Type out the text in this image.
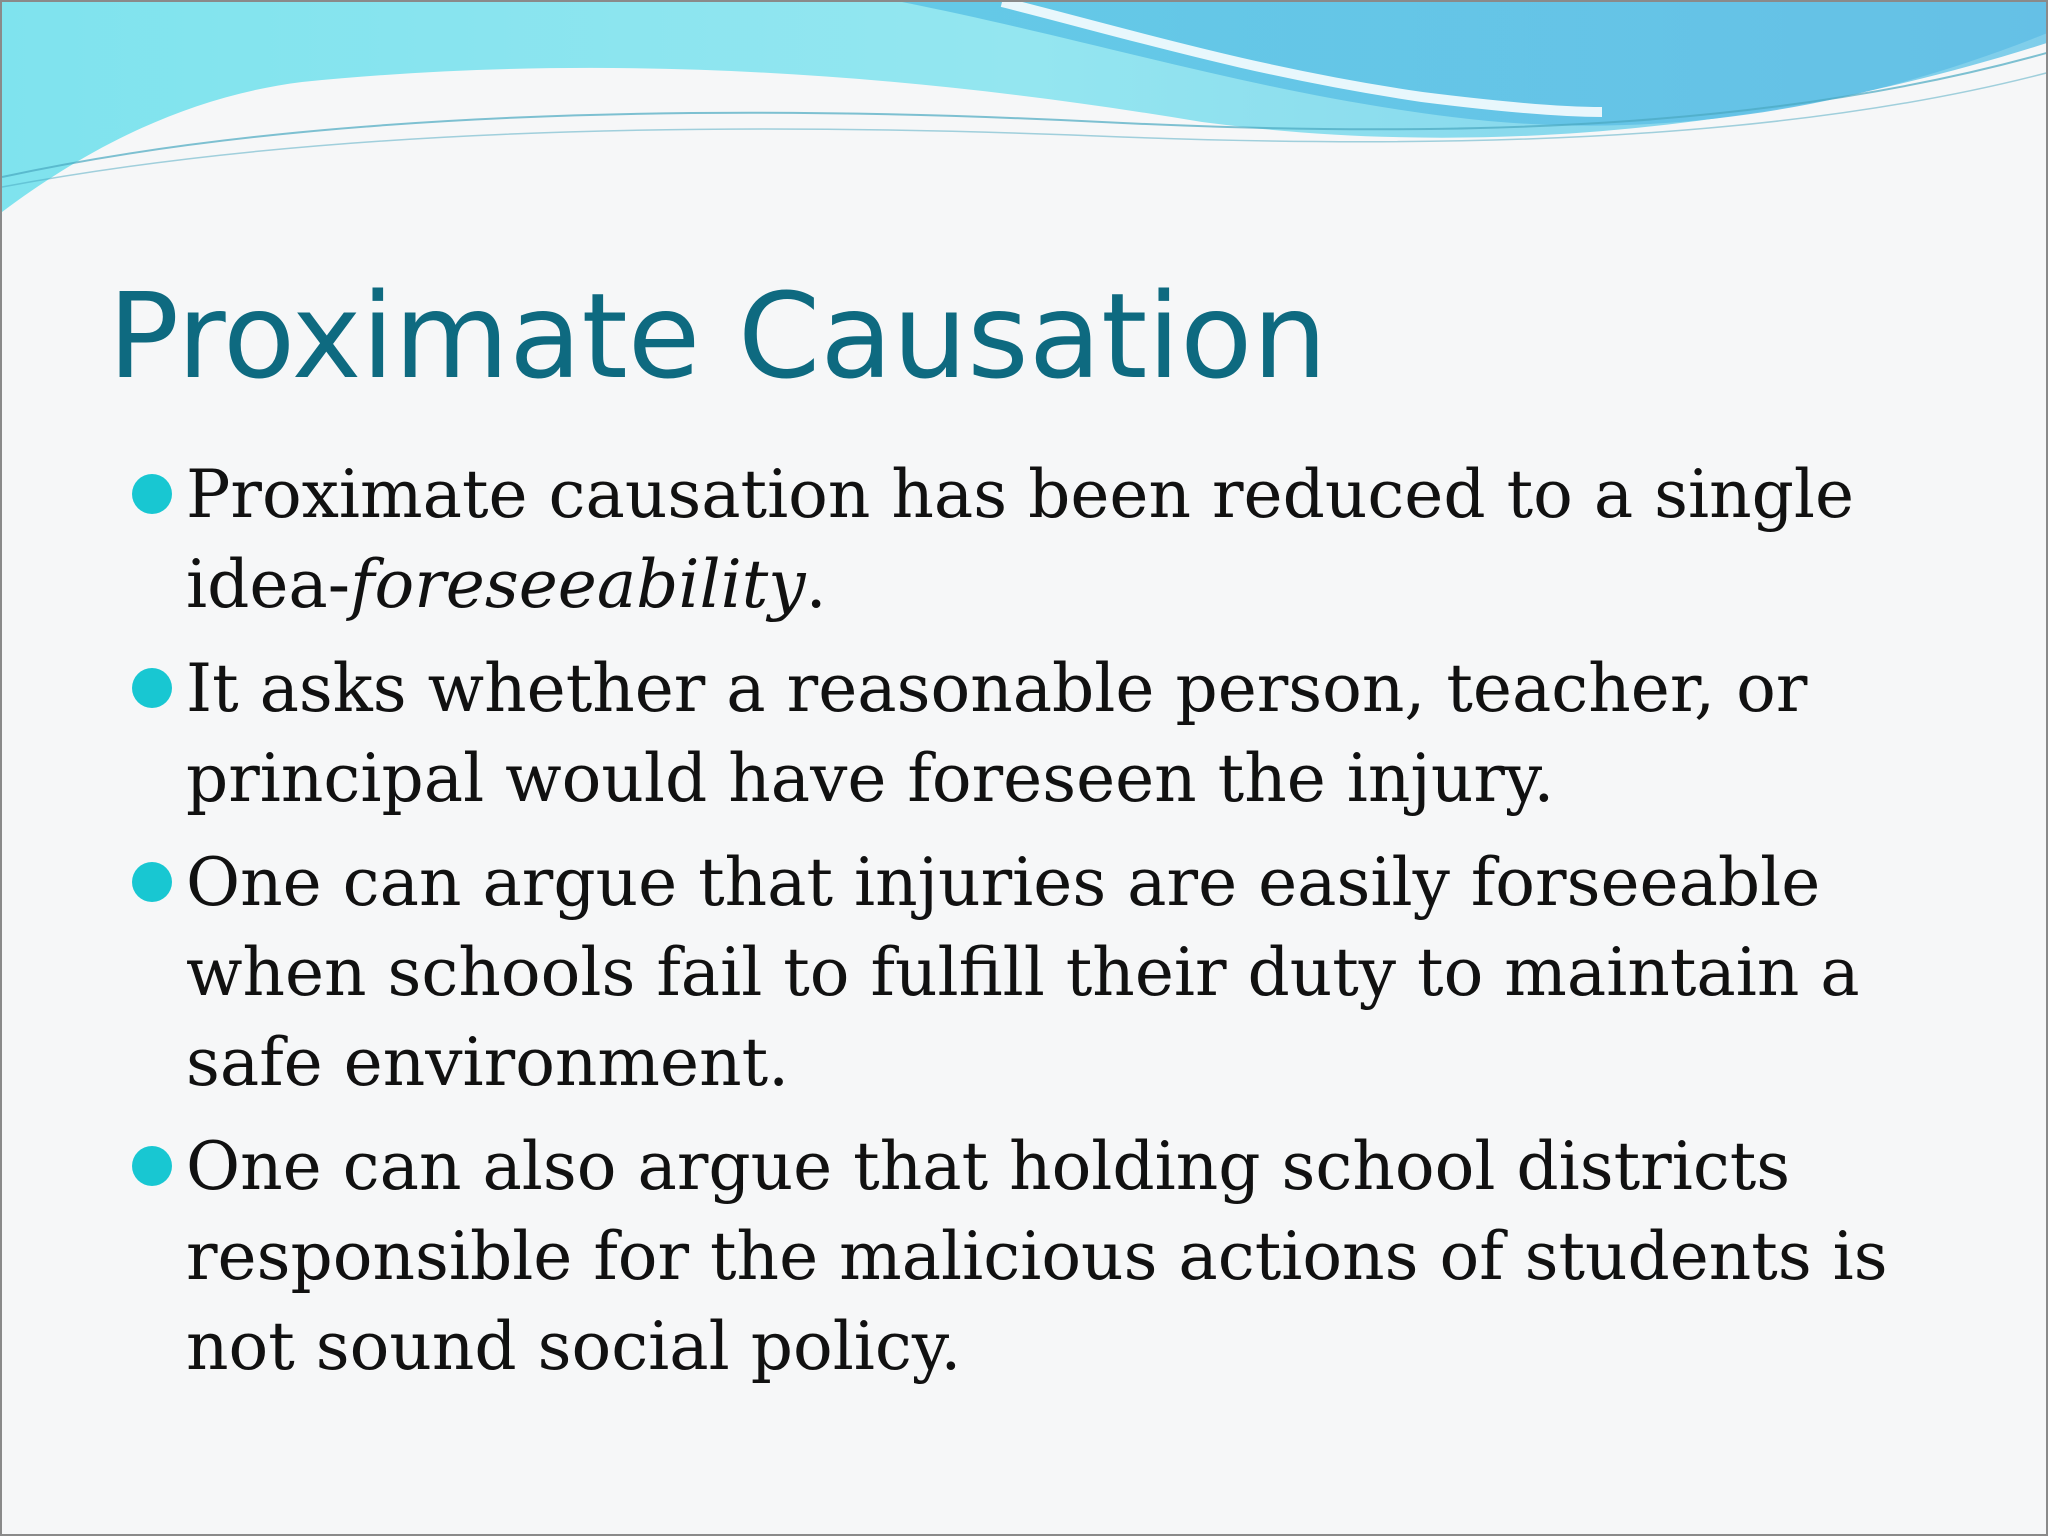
Proximate Causation
Proximate causation has been reduced to a single idea-foreseeability.
It asks whether a reasonable person, teacher, or principal would have foreseen the injury.
One can argue that injuries are easily forseeable when schools fail to fulfill their duty to maintain a safe environment.
One can also argue that holding school districts responsible for the malicious actions of students is not sound social policy.
